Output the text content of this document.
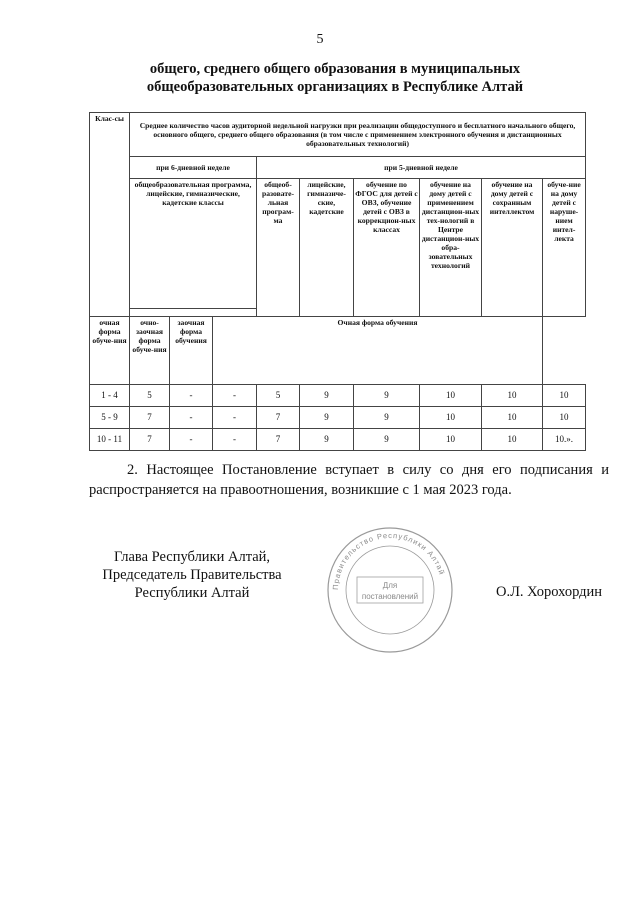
5
общего, среднего общего образования в муниципальных
общеобразовательных организациях в Республике Алтай
Клас-сы	Среднее количество часов аудиторной недельной нагрузки при реализации общедоступного и бесплатного начального общего, основного общего, среднего общего образования (в том числе с применением электронного обучения и дистанционных образовательных технологий)								
	при 6-дневной неделе			при 5-дневной неделе					
	общеобразовательная программа, лицейские, гимназические, кадетские классы			общеоб-разовате-льная програм-ма	лицейские, гимназиче-ские, кадетские	обучение по ФГОС для детей с ОВЗ, обучение детей с ОВЗ в коррекцион-ных классах	обучение на дому детей с применением дистанцион-ных тех-нологий в Центре дистанцион-ных обра-зовательных технологий	обучение на дому детей с сохранным интеллектом	обуче-ние на дому детей с наруше-нием интел-лекта

очная форма обуче-ния	очно-заочная форма обуче-ния	заочная форма обучения	Очная форма обучения						
1 - 4	5	-	-	5	9	9	10	10	10
5 - 9	7	-	-	7	9	9	10	10	10
10 - 11	7	-	-	7	9	9	10	10	10.».
2. Настоящее Постановление вступает в силу со дня его подписания и
распространяется на правоотношения, возникшие с 1 мая 2023 года.
Глава Республики Алтай,
Председатель Правительства
Республики Алтай	Правительство Республики Алтай
Для
постановлений	О.Л. Хорохордин
